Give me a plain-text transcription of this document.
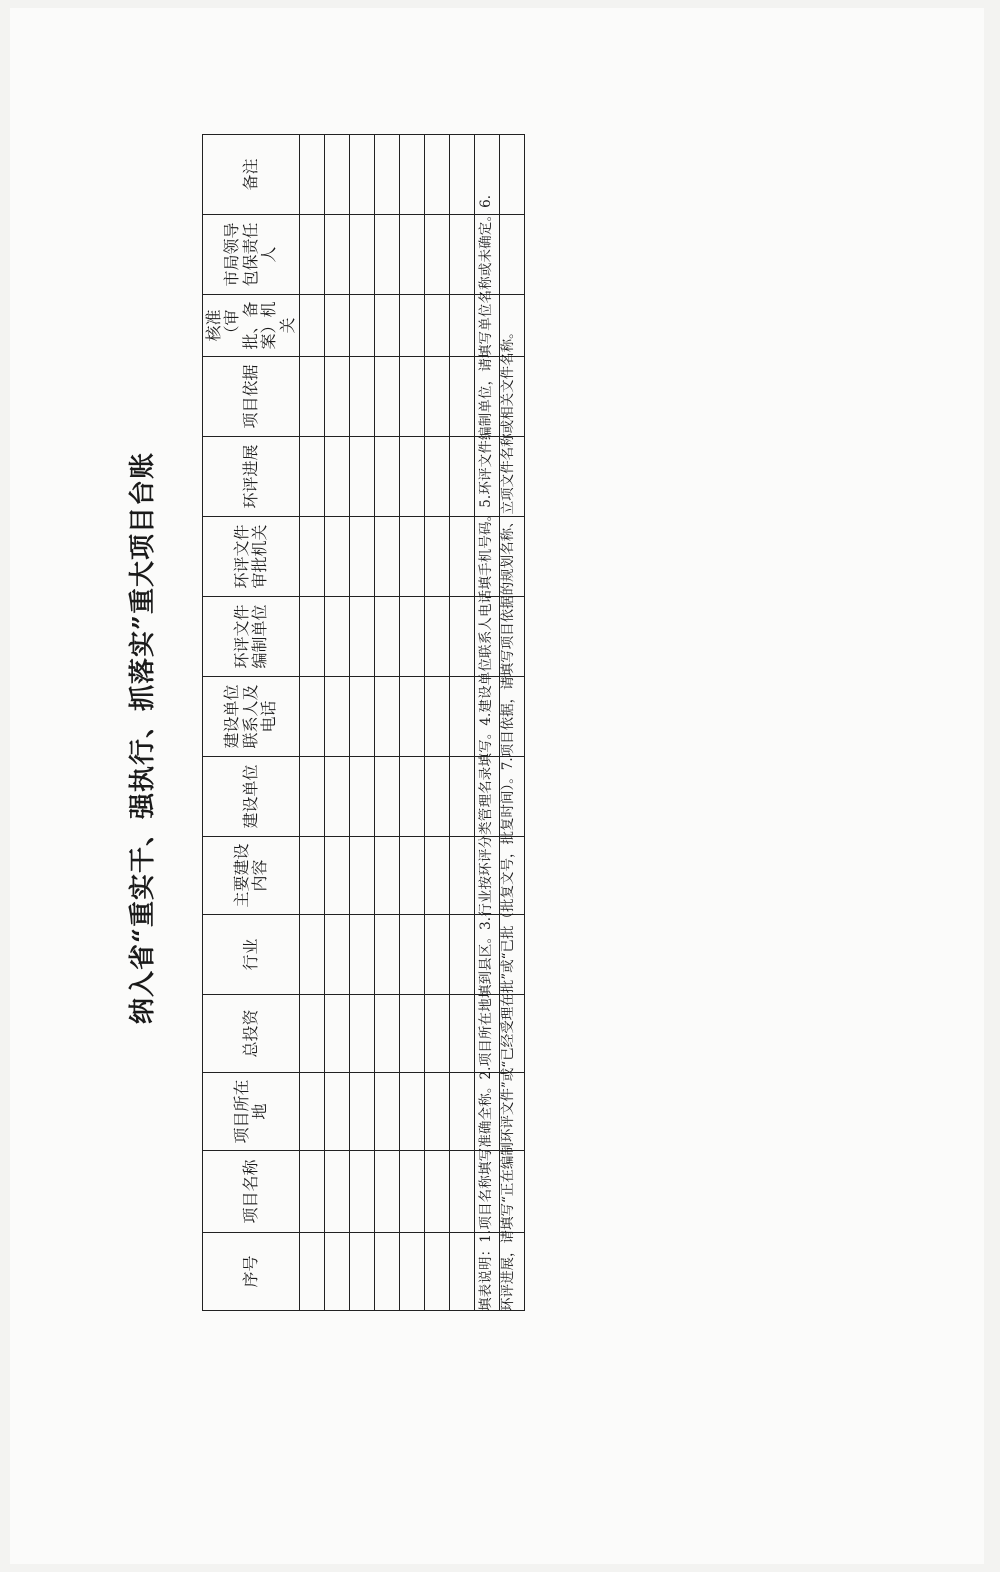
纳入省“重实干、强执行、抓落实”重大项目台账
序号	项目名称	项目所在地	总投资	行业	主要建设内容	建设单位	建设单位联系人及电话	环评文件编制单位	环评文件审批机关	环评进展	项目依据	核准（审批、备案）机关	市局领导包保责任人	备注

填表说明：1.项目名称填写准确全称。2.项目所在地填到县区。3.行业按环评分类管理名录填写。4.建设单位联系人电话填手机号码。5.环评文件编制单位，请填写单位名称或未确定。6.环评进展，请填写“正在编制环评文件”或“已经受理在批”或“已批（批复文号，批复时间）。7.项目依据，请填写项目依据的规划名称、立项文件名称或相关文件名称。
